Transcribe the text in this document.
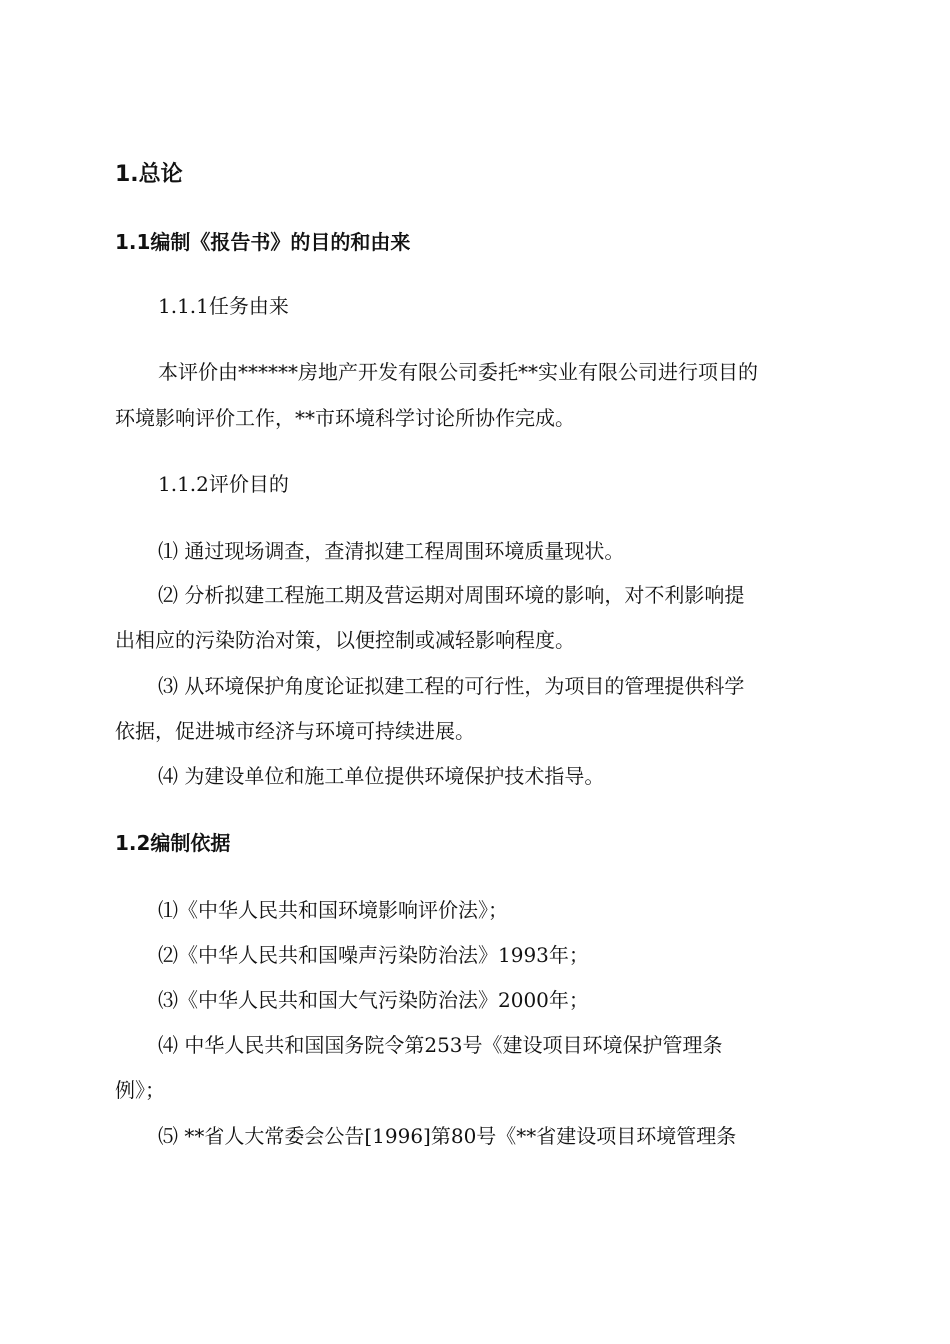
1.总论
1.1编制《报告书》的目的和由来
1.1.1任务由来
本评价由******房地产开发有限公司委托**实业有限公司进行项目的
环境影响评价工作，**市环境科学讨论所协作完成。
1.1.2评价目的
⑴ 通过现场调查，查清拟建工程周围环境质量现状。
⑵ 分析拟建工程施工期及营运期对周围环境的影响，对不利影响提
出相应的污染防治对策，以便控制或减轻影响程度。
⑶ 从环境保护角度论证拟建工程的可行性，为项目的管理提供科学
依据，促进城市经济与环境可持续进展。
⑷ 为建设单位和施工单位提供环境保护技术指导。
1.2编制依据
⑴《中华人民共和国环境影响评价法》；
⑵《中华人民共和国噪声污染防治法》1993年；
⑶《中华人民共和国大气污染防治法》2000年；
⑷ 中华人民共和国国务院令第253号《建设项目环境保护管理条
例》；
⑸ **省人大常委会公告[1996]第80号《**省建设项目环境管理条
